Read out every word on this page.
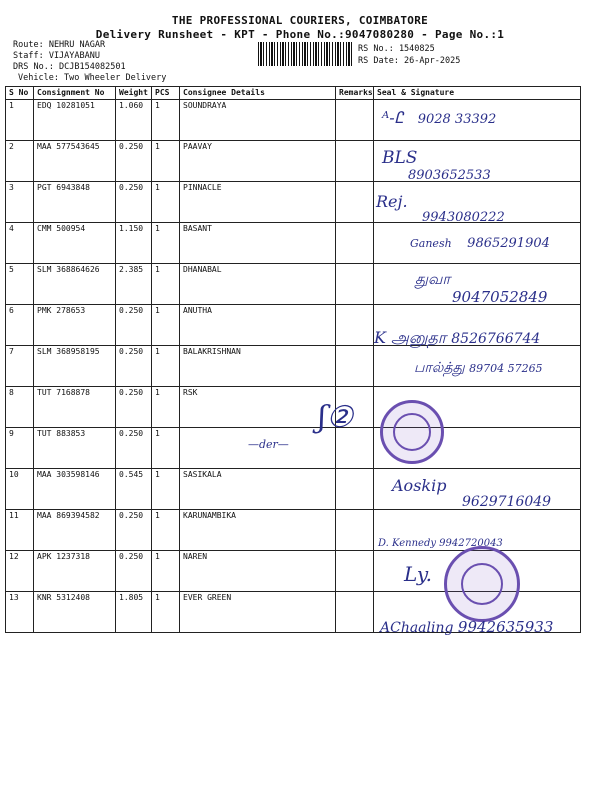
THE PROFESSIONAL COURIERS, COIMBATORE
Delivery Runsheet - KPT - Phone No.:9047080280 - Page No.:1
Route: NEHRU NAGAR
Staff: VIJAYABANU
DRS No.: DCJB154082501
Vehicle: Two Wheeler Delivery
RS No.: 1540825
RS Date: 26-Apr-2025
S No	Consignment No	Weight	PCS	Consignee Details	Remarks	Seal & Signature
1	EDQ 10281051	1.060	1	SOUNDRAYA		
2	MAA 577543645	0.250	1	PAAVAY		
3	PGT 6943848	0.250	1	PINNACLE		
4	CMM 500954	1.150	1	BASANT		
5	SLM 368864626	2.385	1	DHANABAL		
6	PMK 278653	0.250	1	ANUTHA		
7	SLM 368958195	0.250	1	BALAKRISHNAN		
8	TUT 7168878	0.250	1	RSK		
9	TUT 883853	0.250	1			
10	MAA 303598146	0.545	1	SASIKALA		
11	MAA 869394582	0.250	1	KARUNAMBIKA		
12	APK 1237318	0.250	1	NAREN		
13	KNR 5312408	1.805	1	EVER GREEN		
ᴬ-Ꮭ 9028 33392
BLS
8903652533
Rej.
9943080222
Ganesh 9865291904
துவா
9047052849
K அனுதா 8526766744
பால்த்து 89704 57265
—der—
ʃ②
Aoskip
9629716049
D. Kennedy 9942720043
Ly.
AChaaling 9942635933
